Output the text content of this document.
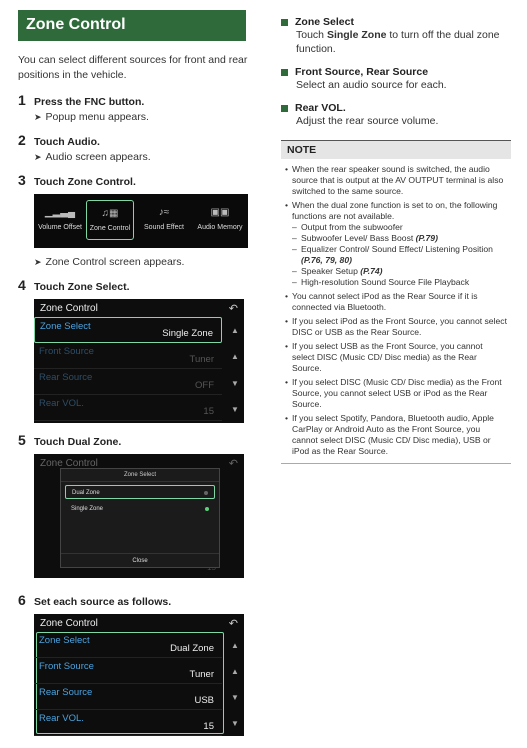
Zone Control

You can select different sources for front and rear positions in the vehicle.

1 Press the FNC button.
➤ Popup menu appears.
2 Touch Audio.
➤ Audio screen appears.
3 Touch Zone Control.
▁▂▃▄
Volume Offset
♫▦
Zone Control
♪≈
Sound Effect
▣▣
Audio Memory
➤ Zone Control screen appears.
4 Touch Zone Select.
Zone Control	↶
Zone Select
Single Zone
Front Source
Tuner
Rear Source
OFF
Rear VOL.
15
▲
▲
▼
▼
5 Touch Dual Zone.
Zone Control	↶
Zone Select
Dual Zone
Single Zone
Close
6 Set each source as follows.
Zone Control	↶
Zone Select
Dual Zone
Front Source
Tuner
Rear Source
USB
Rear VOL.
15
▲
▲
▼
▼
Zone Select
Touch Single Zone to turn off the dual zone function.
Front Source , Rear Source
Select an audio source for each.
Rear VOL.
Adjust the rear source volume.
NOTE
• When the rear speaker sound is switched, the audio source that is output at the AV OUTPUT terminal is also switched to the same source.
• When the dual zone function is set to on, the following functions are not available.
– Output from the subwoofer
– Subwoofer Level/ Bass Boost (P.79)
– Equalizer Control/ Sound Effect/ Listening Position (P.76, 79, 80)
– Speaker Setup (P.74)
– High-resolution Sound Source File Playback
• You cannot select iPod as the Rear Source if it is connected via Bluetooth.
• If you select iPod as the Front Source, you cannot select DISC or USB as the Rear Source.
• If you select USB as the Front Source, you cannot select DISC (Music CD/ Disc media) as the Rear Source.
• If you select DISC (Music CD/ Disc media) as the Front Source, you cannot select USB or iPod as the Rear Source.
• If you select Spotify, Pandora, Bluetooth audio, Apple CarPlay or Android Auto as the Front Source, you cannot select DISC (Music CD/ Disc media), USB or iPod as the Rear Source.
